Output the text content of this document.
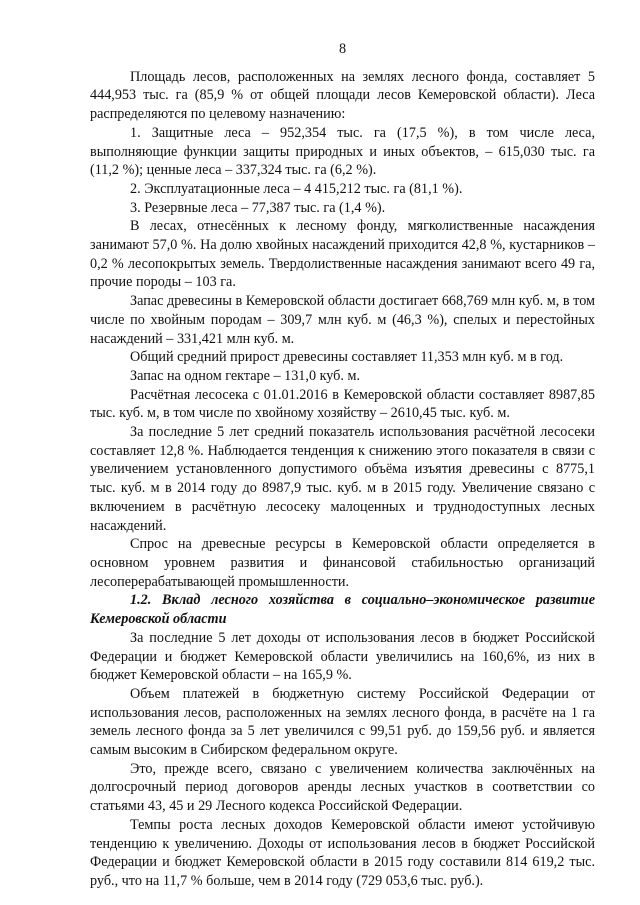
8

Площадь лесов, расположенных на землях лесного фонда, составляет 5 444,953 тыс. га (85,9 % от общей площади лесов Кемеровской области). Леса распределяются по целевому назначению:

1. Защитные леса – 952,354 тыс. га (17,5 %), в том числе леса, выполняющие функции защиты природных и иных объектов, – 615,030 тыс. га (11,2 %); ценные леса – 337,324 тыс. га (6,2 %).

2. Эксплуатационные леса – 4 415,212 тыс. га (81,1 %).

3. Резервные леса – 77,387 тыс. га (1,4 %).

В лесах, отнесённых к лесному фонду, мягколиственные насаждения занимают 57,0 %. На долю хвойных насаждений приходится 42,8 %, кустарников – 0,2 % лесопокрытых земель. Твердолиственные насаждения занимают всего 49 га, прочие породы – 103 га.

Запас древесины в Кемеровской области достигает 668,769 млн куб. м, в том числе по хвойным породам – 309,7 млн куб. м (46,3 %), спелых и перестойных насаждений – 331,421 млн куб. м.

Общий средний прирост древесины составляет 11,353 млн куб. м в год.

Запас на одном гектаре – 131,0 куб. м.

Расчётная лесосека с 01.01.2016 в Кемеровской области составляет 8987,85 тыс. куб. м, в том числе по хвойному хозяйству – 2610,45 тыс. куб. м.

За последние 5 лет средний показатель использования расчётной лесосеки составляет 12,8 %. Наблюдается тенденция к снижению этого показателя в связи с увеличением установленного допустимого объёма изъятия древесины с 8775,1 тыс. куб. м в 2014 году до 8987,9 тыс. куб. м в 2015 году. Увеличение связано с включением в расчётную лесосеку малоценных и труднодоступных лесных насаждений.

Спрос на древесные ресурсы в Кемеровской области определяется в основном уровнем развития и финансовой стабильностью организаций лесоперерабатывающей промышленности.

1.2. Вклад лесного хозяйства в социально–экономическое развитие Кемеровской области

За последние 5 лет доходы от использования лесов в бюджет Российской Федерации и бюджет Кемеровской области увеличились на 160,6%, из них в бюджет Кемеровской области – на 165,9 %.

Объем платежей в бюджетную систему Российской Федерации от использования лесов, расположенных на землях лесного фонда, в расчёте на 1 га земель лесного фонда за 5 лет увеличился с 99,51 руб. до 159,56 руб. и является самым высоким в Сибирском федеральном округе.

Это, прежде всего, связано с увеличением количества заключённых на долгосрочный период договоров аренды лесных участков в соответствии со статьями 43, 45 и 29 Лесного кодекса Российской Федерации.

Темпы роста лесных доходов Кемеровской области имеют устойчивую тенденцию к увеличению. Доходы от использования лесов в бюджет Российской Федерации и бюджет Кемеровской области в 2015 году составили 814 619,2 тыс. руб., что на 11,7 % больше, чем в 2014 году (729 053,6 тыс. руб.).
